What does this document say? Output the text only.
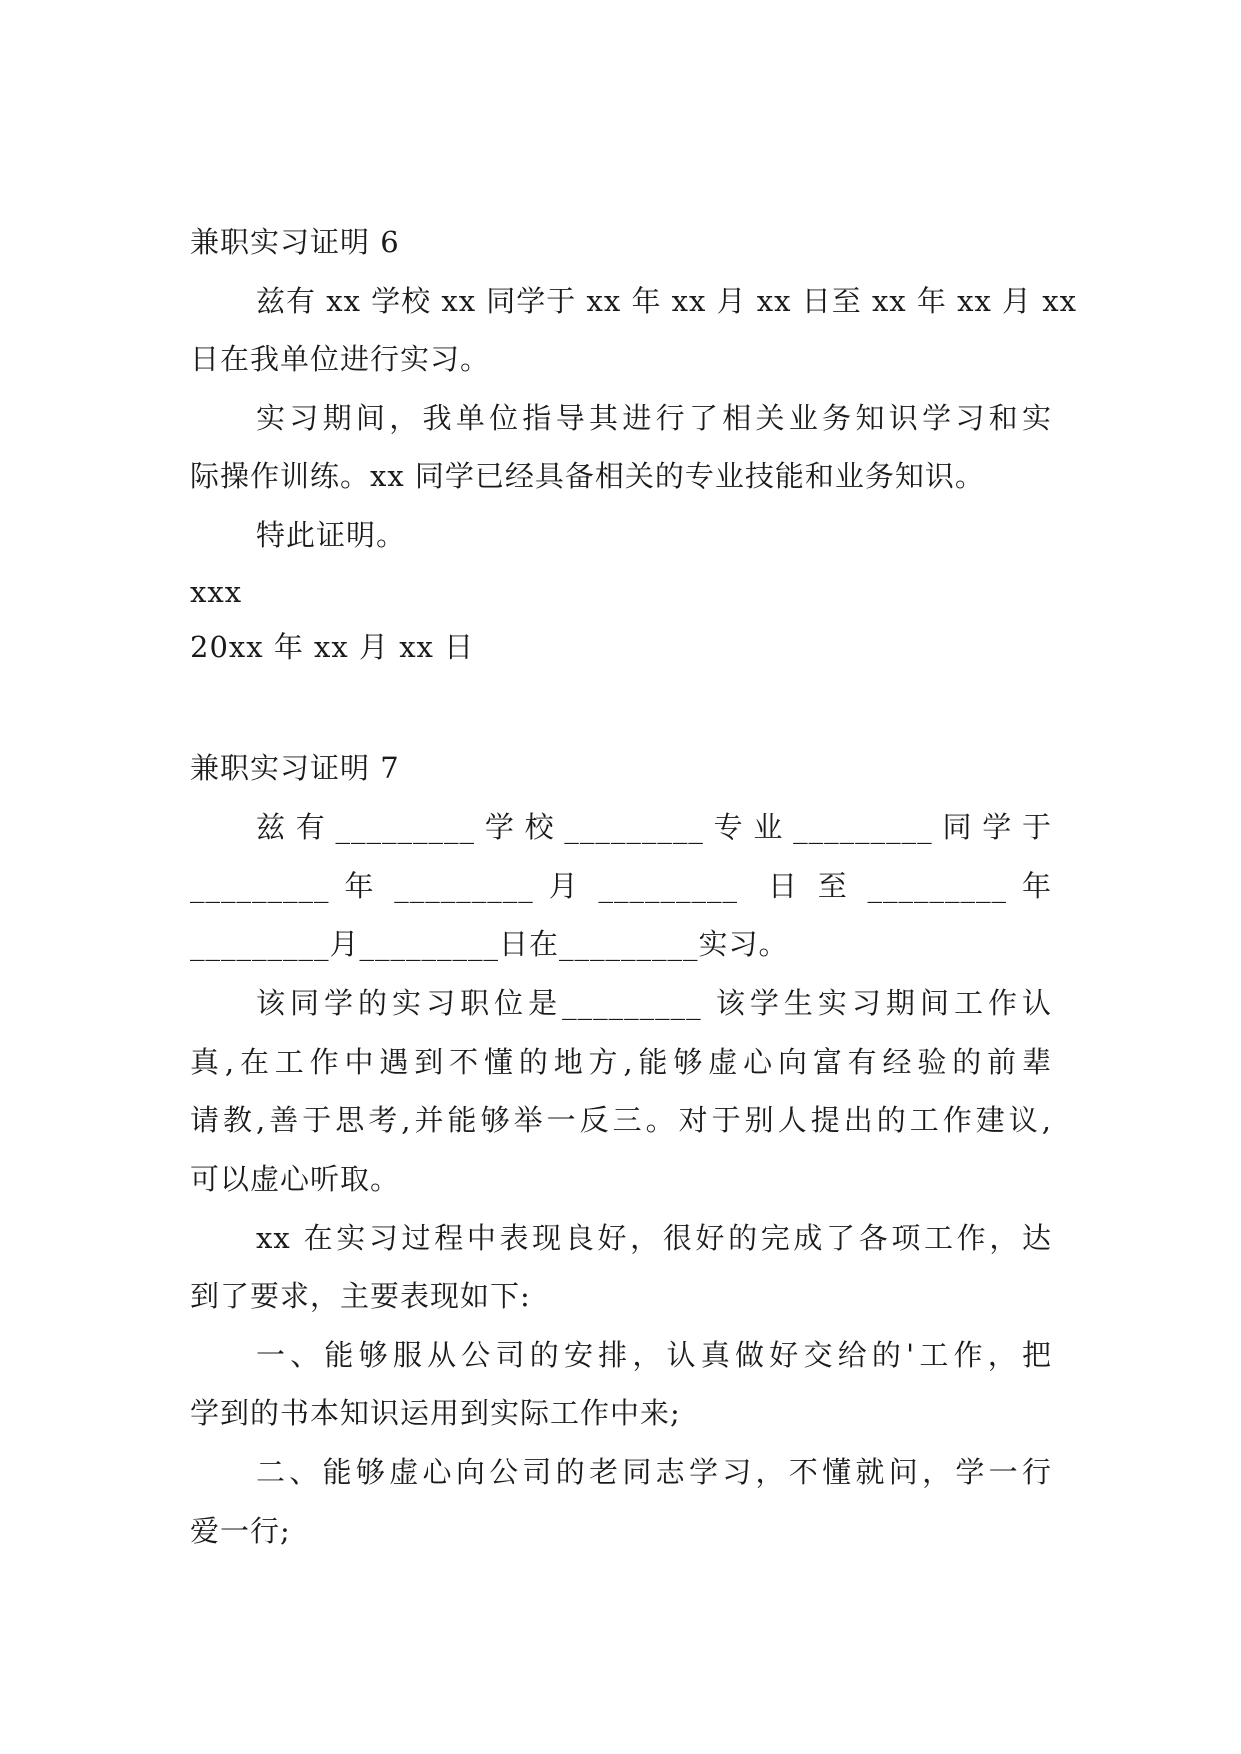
兼职实习证明 6
兹有 xx 学校 xx 同学于 xx 年 xx 月 xx 日至 xx 年 xx 月 xx
日在我单位进行实习。
实习期间，我单位指导其进行了相关业务知识学习和实
际操作训练。xx 同学已经具备相关的专业技能和业务知识。
特此证明。
xxx
20xx 年 xx 月 xx 日
兼职实习证明 7
兹有_________学校_________专业_________同学于
_________ 年 _________ 月 _________  日 至 _________ 年
_________月_________日在_________实习。
该同学的实习职位是_________ 该学生实习期间工作认
真,在工作中遇到不懂的地方,能够虚心向富有经验的前辈
请教,善于思考,并能够举一反三。对于别人提出的工作建议,
可以虚心听取。
xx 在实习过程中表现良好，很好的完成了各项工作，达
到了要求，主要表现如下:
一、能够服从公司的安排，认真做好交给的'工作，把
学到的书本知识运用到实际工作中来;
二、能够虚心向公司的老同志学习，不懂就问，学一行
爱一行;
